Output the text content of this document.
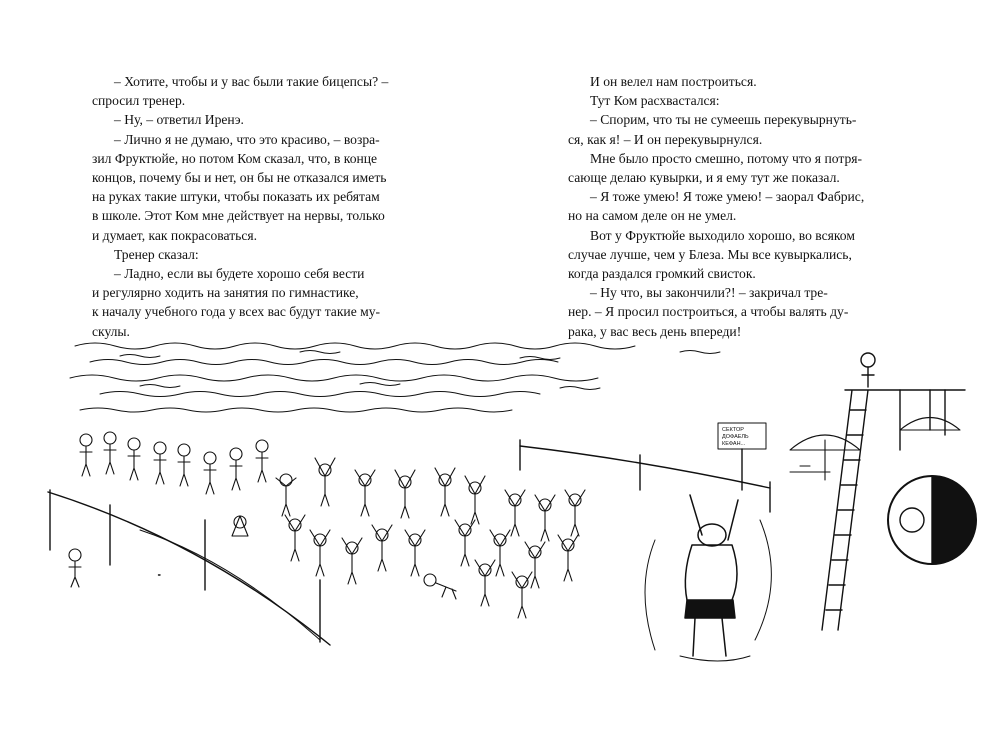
– Хотите, чтобы и у вас были такие бицепсы? –

спросил тренер.

– Ну, – ответил Иренэ.

– Лично я не думаю, что это красиво, – возра-

зил Фруктюйе, но потом Ком сказал, что, в конце

концов, почему бы и нет, он бы не отказался иметь

на руках такие штуки, чтобы показать их ребятам

в школе. Этот Ком мне действует на нервы, только

и думает, как покрасоваться.

Тренер сказал:

– Ладно, если вы будете хорошо себя вести

и регулярно ходить на занятия по гимнастике,

к началу учебного года у всех вас будут такие му-

скулы.

И он велел нам построиться.

Тут Ком расхвастался:

– Спорим, что ты не сумеешь перекувырнуть-

ся, как я! – И он перекувырнулся.

Мне было просто смешно, потому что я потря-

сающе делаю кувырки, и я ему тут же показал.

– Я тоже умею! Я тоже умею! – заорал Фабрис,

но на самом деле он не умел.

Вот у Фруктюйе выходило хорошо, во всяком

случае лучше, чем у Блеза. Мы все кувыркались,

когда раздался громкий свисток.

– Ну что, вы закончили?! – закричал тре-

нер. – Я просил построиться, а чтобы валять ду-

рака, у вас весь день впереди!

СЕКТОР
ДОФАЕЛЬ
КЕФАН...
